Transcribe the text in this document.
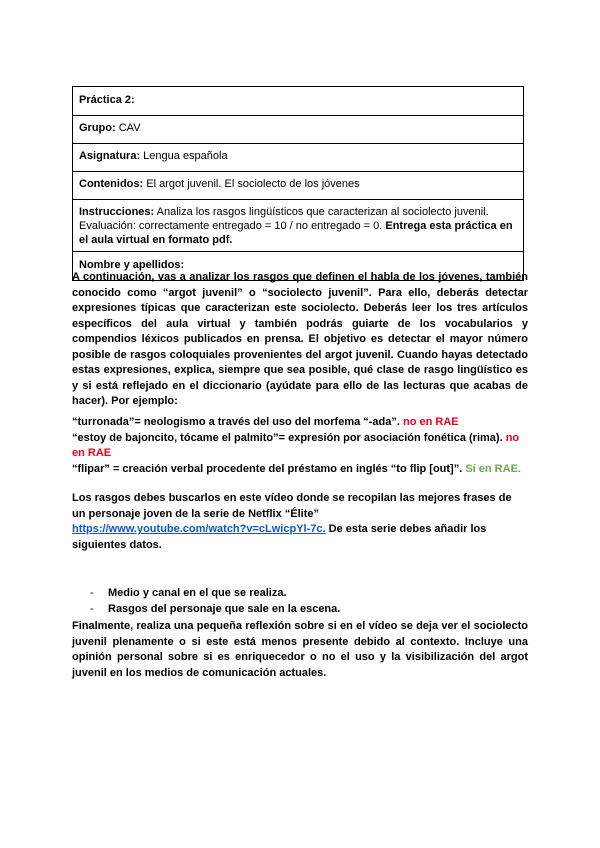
Práctica 2:
Grupo: CAV
Asignatura: Lengua española
Contenidos: El argot juvenil. El sociolecto de los jóvenes
Instrucciones: Analiza los rasgos lingüísticos que caracterizan al sociolecto juvenil.
Evaluación: correctamente entregado = 10 / no entregado = 0. Entrega esta práctica en el aula virtual en formato pdf.
Nombre y apellidos:
A continuación, vas a analizar los rasgos que definen el habla de los jóvenes, también conocido como “argot juvenil” o “sociolecto juvenil”. Para ello, deberás detectar expresiones típicas que caracterizan este sociolecto. Deberás leer los tres artículos específicos del aula virtual y también podrás guiarte de los vocabularios y compendios léxicos publicados en prensa. El objetivo es detectar el mayor número posible de rasgos coloquiales provenientes del argot juvenil. Cuando hayas detectado estas expresiones, explica, siempre que sea posible, qué clase de rasgo lingüístico es y si está reflejado en el diccionario (ayúdate para ello de las lecturas que acabas de hacer). Por ejemplo:
“turronada”= neologismo a través del uso del morfema “-ada”. no en RAE
“estoy de bajoncito, tócame el palmito”= expresión por asociación fonética (rima). no en RAE
“flipar” = creación verbal procedente del préstamo en inglés “to flip [out]”. Sí en RAE.
Los rasgos debes buscarlos en este vídeo donde se recopilan las mejores frases de un personaje joven de la serie de Netflix “Élite”
https://www.youtube.com/watch?v=cLwicpYl-7c. De esta serie debes añadir los siguientes datos.
- Medio y canal en el que se realiza.
- Rasgos del personaje que sale en la escena.
Finalmente, realiza una pequeña reflexión sobre si en el vídeo se deja ver el sociolecto juvenil plenamente o si este está menos presente debido al contexto. Incluye una opinión personal sobre si es enriquecedor o no el uso y la visibilización del argot juvenil en los medios de comunicación actuales.
